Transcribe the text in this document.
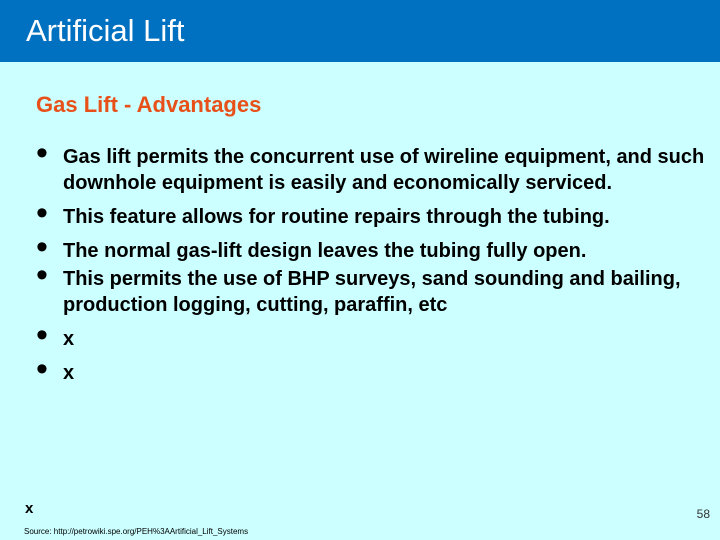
Artificial Lift
Gas Lift - Advantages
• Gas lift permits the concurrent use of wireline equipment, and such downhole equipment is easily and economically serviced.
• This feature allows for routine repairs through the tubing.
• The normal gas-lift design leaves the tubing fully open.
• This permits the use of BHP surveys, sand sounding and bailing, production logging, cutting, paraffin, etc
• x
• x
x	58
Source: http://petrowiki.spe.org/PEH%3AArtificial_Lift_Systems
